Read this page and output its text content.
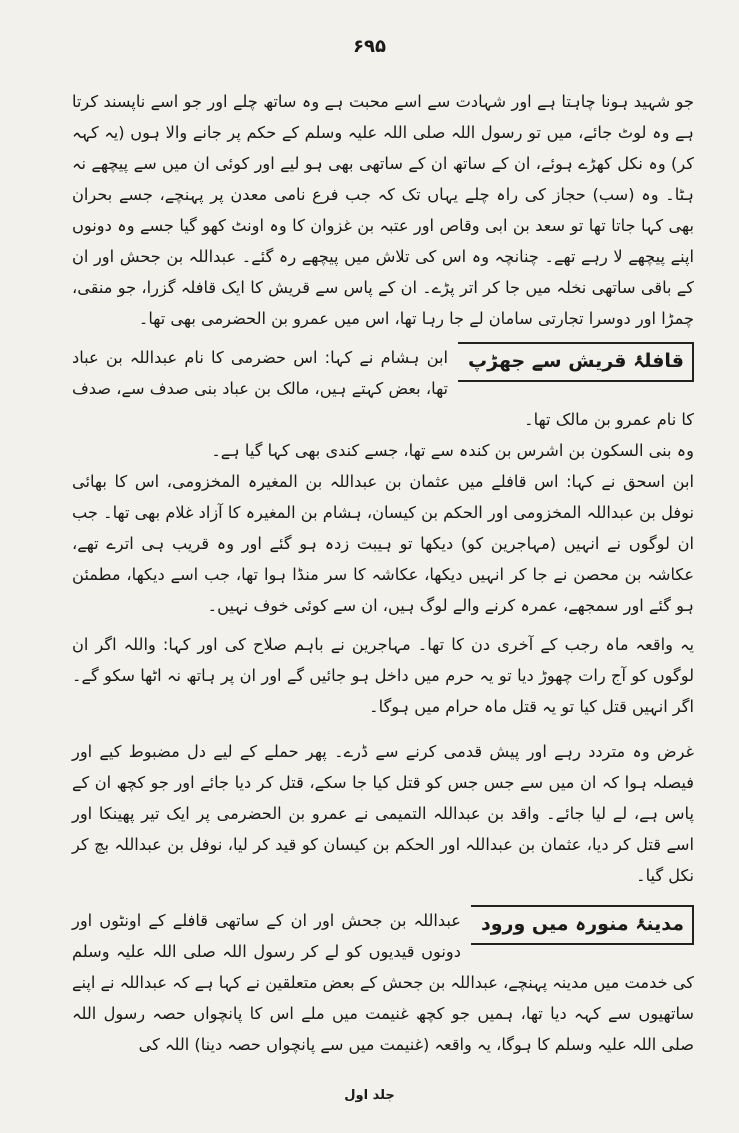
۶۹۵

جو شہید ہونا چاہتا ہے اور شہادت سے اسے محبت ہے وہ ساتھ چلے اور جو اسے ناپسند کرتا ہے وہ لوٹ جائے، میں تو رسول اللہ صلی اللہ علیہ وسلم کے حکم پر جانے والا ہوں (یہ کہہ کر) وہ نکل کھڑے ہوئے، ان کے ساتھ ان کے ساتھی بھی ہو لیے اور کوئی ان میں سے پیچھے نہ ہٹا۔ وہ (سب) حجاز کی راہ چلے یہاں تک کہ جب فرع نامی معدن پر پہنچے، جسے بحران بھی کہا جاتا تھا تو سعد بن ابی وقاص اور عتبہ بن غزوان کا وہ اونٹ کھو گیا جسے وہ دونوں اپنے پیچھے لا رہے تھے۔ چنانچہ وہ اس کی تلاش میں پیچھے رہ گئے۔ عبداللہ بن جحش اور ان کے باقی ساتھی نخلہ میں جا کر اتر پڑے۔ ان کے پاس سے قریش کا ایک قافلہ گزرا، جو منقی، چمڑا اور دوسرا تجارتی سامان لے جا رہا تھا، اس میں عمرو بن الحضرمی بھی تھا۔

قافلۂ قریش سے جھڑپ

ابن ہشام نے کہا: اس حضرمی کا نام عبداللہ بن عباد تھا، بعض کہتے ہیں، مالک بن عباد بنی صدف سے، صدف کا نام عمرو بن مالک تھا۔

وہ بنی السکون بن اشرس بن کندہ سے تھا، جسے کندی بھی کہا گیا ہے۔

ابن اسحق نے کہا: اس قافلے میں عثمان بن عبداللہ بن المغیرہ المخزومی، اس کا بھائی نوفل بن عبداللہ المخزومی اور الحکم بن کیسان، ہشام بن المغیرہ کا آزاد غلام بھی تھا۔ جب ان لوگوں نے انہیں (مہاجرین کو) دیکھا تو ہیبت زدہ ہو گئے اور وہ قریب ہی اترے تھے، عکاشہ بن محصن نے جا کر انہیں دیکھا، عکاشہ کا سر منڈا ہوا تھا، جب اسے دیکھا، مطمئن ہو گئے اور سمجھے، عمرہ کرنے والے لوگ ہیں، ان سے کوئی خوف نہیں۔

یہ واقعہ ماہ رجب کے آخری دن کا تھا۔ مہاجرین نے باہم صلاح کی اور کہا: واللہ اگر ان لوگوں کو آج رات چھوڑ دیا تو یہ حرم میں داخل ہو جائیں گے اور ان پر ہاتھ نہ اٹھا سکو گے۔ اگر انہیں قتل کیا تو یہ قتل ماہ حرام میں ہوگا۔

غرض وہ متردد رہے اور پیش قدمی کرنے سے ڈرے۔ پھر حملے کے لیے دل مضبوط کیے اور فیصلہ ہوا کہ ان میں سے جس جس کو قتل کیا جا سکے، قتل کر دیا جائے اور جو کچھ ان کے پاس ہے، لے لیا جائے۔ واقد بن عبداللہ التمیمی نے عمرو بن الحضرمی پر ایک تیر پھینکا اور اسے قتل کر دیا، عثمان بن عبداللہ اور الحکم بن کیسان کو قید کر لیا، نوفل بن عبداللہ بچ کر نکل گیا۔

مدینۂ منورہ میں ورود

عبداللہ بن جحش اور ان کے ساتھی قافلے کے اونٹوں اور دونوں قیدیوں کو لے کر رسول اللہ صلی اللہ علیہ وسلم کی خدمت میں مدینہ پہنچے، عبداللہ بن جحش کے بعض متعلقین نے کہا ہے کہ عبداللہ نے اپنے ساتھیوں سے کہہ دیا تھا، ہمیں جو کچھ غنیمت میں ملے اس کا پانچواں حصہ رسول اللہ صلی اللہ علیہ وسلم کا ہوگا، یہ واقعہ (غنیمت میں سے پانچواں حصہ دینا) اللہ کی

جلد اول
